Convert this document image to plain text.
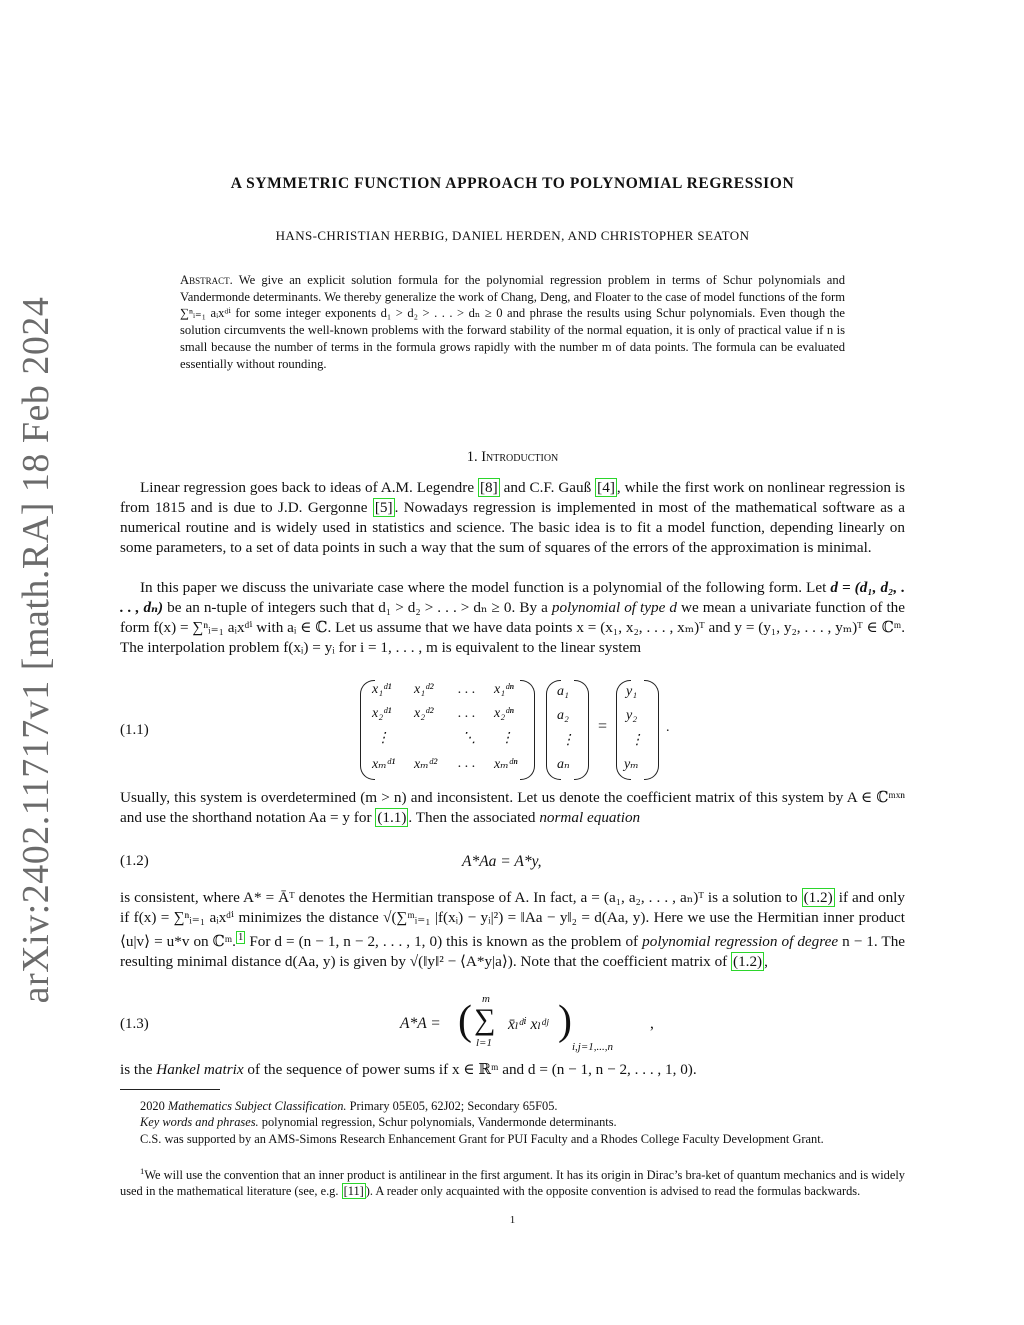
arXiv:2402.11717v1 [math.RA] 18 Feb 2024
A SYMMETRIC FUNCTION APPROACH TO POLYNOMIAL REGRESSION
HANS-CHRISTIAN HERBIG, DANIEL HERDEN, AND CHRISTOPHER SEATON
Abstract. We give an explicit solution formula for the polynomial regression problem in terms of Schur polynomials and Vandermonde determinants. We thereby generalize the work of Chang, Deng, and Floater to the case of model functions of the form ∑ⁿᵢ₌₁ aᵢxᵈⁱ for some integer exponents d₁ > d₂ > . . . > dₙ ≥ 0 and phrase the results using Schur polynomials. Even though the solution circumvents the well-known problems with the forward stability of the normal equation, it is only of practical value if n is small because the number of terms in the formula grows rapidly with the number m of data points. The formula can be evaluated essentially without rounding.
1. Introduction
Linear regression goes back to ideas of A.M. Legendre [8] and C.F. Gauß [4] , while the first work on nonlinear regression is from 1815 and is due to J.D. Gergonne [5] . Nowadays regression is implemented in most of the mathematical software as a numerical routine and is widely used in statistics and science. The basic idea is to fit a model function, depending linearly on some parameters, to a set of data points in such a way that the sum of squares of the errors of the approximation is minimal.
In this paper we discuss the univariate case where the model function is a polynomial of the following form. Let d = (d₁, d₂, . . . , dₙ) be an n-tuple of integers such that d₁ > d₂ > . . . > dₙ ≥ 0. By a polynomial of type d we mean a univariate function of the form f(x) = ∑ⁿᵢ₌₁ aᵢxᵈⁱ with aᵢ ∈ ℂ. Let us assume that we have data points x = (x₁, x₂, . . . , xₘ)ᵀ and y = (y₁, y₂, . . . , yₘ)ᵀ ∈ ℂᵐ. The interpolation problem f(xᵢ) = yᵢ for i = 1, . . . , m is equivalent to the linear system
(1.1)
x₁ᵈ¹ x₁ᵈ² . . . x₁ᵈⁿ
x₂ᵈ¹ x₂ᵈ² . . . x₂ᵈⁿ
⋮	⋱ ⋮
xₘᵈ¹ xₘᵈ² . . . xₘᵈⁿ
a₁
a₂
⋮
aₙ
=
y₁
y₂
⋮
yₘ
.
Usually, this system is overdetermined (m > n) and inconsistent. Let us denote the coefficient matrix of this system by A ∈ ℂᵐˣⁿ and use the shorthand notation Aa = y for (1.1) . Then the associated normal equation
(1.2)	A*Aa = A*y,
is consistent, where A* = Āᵀ denotes the Hermitian transpose of A. In fact, a = (a₁, a₂, . . . , aₙ)ᵀ is a solution to (1.2) if and only if f(x) = ∑ⁿᵢ₌₁ aᵢxᵈⁱ minimizes the distance √(∑ᵐᵢ₌₁ |f(xᵢ) − yᵢ|²) = ‖Aa − y‖₂ = d(Aa, y). Here we use the Hermitian inner product ⟨u|v⟩ = u*v on ℂᵐ. $^1$ For d = (n − 1, n − 2, . . . , 1, 0) this is known as the problem of polynomial regression of degree n − 1. The resulting minimal distance d(Aa, y) is given by √(‖y‖² − ⟨A*y|a⟩). Note that the coefficient matrix of (1.2) ,
(1.3)	A*A = ( m
∑
l=1
x̄ₗᵈⁱ xₗᵈʲ )
i,j=1,...,n
,
is the Hankel matrix of the sequence of power sums if x ∈ ℝᵐ and d = (n − 1, n − 2, . . . , 1, 0).
2020 Mathematics Subject Classification. Primary 05E05, 62J02; Secondary 65F05.
Key words and phrases. polynomial regression, Schur polynomials, Vandermonde determinants.
C.S. was supported by an AMS-Simons Research Enhancement Grant for PUI Faculty and a Rhodes College Faculty Development Grant.
$^1$We will use the convention that an inner product is antilinear in the first argument. It has its origin in Dirac’s bra-ket of quantum mechanics and is widely used in the mathematical literature (see, e.g. [11] ). A reader only acquainted with the opposite convention is advised to read the formulas backwards.
1
